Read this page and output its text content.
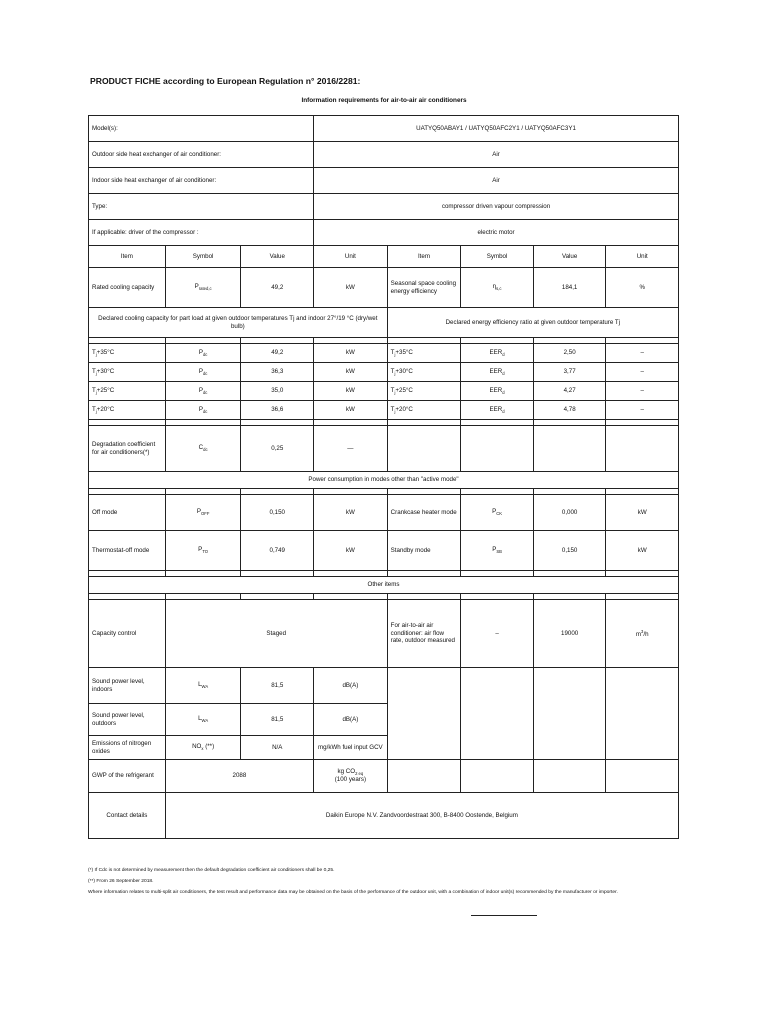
PRODUCT FICHE according to European Regulation n° 2016/2281:
Information requirements for air-to-air air conditioners
Model(s):			UATYQ50ABAY1 / UATYQ50AFC2Y1 / UATYQ50AFC3Y1				
Outdoor side heat exchanger of air conditioner:			Air				
Indoor side heat exchanger of air conditioner:			Air				
Type:			compressor driven vapour compression				
If applicable: driver of the compressor :			electric motor				
Item	Symbol	Value	Unit	Item	Symbol	Value	Unit
Rated cooling capacity	$P_{rated,c}$	49,2	kW	Seasonal space cooling energy efficiency	$\eta_{s,c}$	184,1	%
Declared cooling capacity for part load at given outdoor temperatures Tj and indoor 27°/19 °C (dry/wet bulb)				Declared energy efficiency ratio at given outdoor temperature Tj			

$T_j+35^\circ C$	$P_{dc}$	49,2	kW	$T_j+35^\circ C$	$EER_d$	2,50	–
$T_j+30^\circ C$	$P_{dc}$	36,3	kW	$T_j+30^\circ C$	$EER_d$	3,77	–
$T_j+25^\circ C$	$P_{dc}$	35,0	kW	$T_j+25^\circ C$	$EER_d$	4,27	–
$T_j+20^\circ C$	$P_{dc}$	36,6	kW	$T_j+20^\circ C$	$EER_d$	4,78	–

Degradation coefficient for air conditioners(*)	$C_{dc}$	0,25	—				
Power consumption in modes other than "active mode"							

Off mode	$P_{OFF}$	0,150	kW	Crankcase heater mode	$P_{CK}$	0,000	kW
Thermostat-off mode	$P_{TO}$	0,749	kW	Standby mode	$P_{SB}$	0,150	kW

Other items							

Capacity control	Staged			For air-to-air air conditioner: air flow rate, outdoor measured	–	19000	$m^3/h$
Sound power level, indoors	$L_{WA}$	81,5	dB(A)				
Sound power level, outdoors	$L_{WA}$	81,5	dB(A)				
Emissions of nitrogen oxides	$NO_x$ (**)	N/A	mg/kWh fuel input GCV				
GWP of the refrigerant	2088		kg $CO_{2 eq}$
(100 years)				
Contact details	Daikin Europe N.V. Zandvoordestraat 300, B-8400 Oostende, Belgium						
(*) If Cdc is not determined by measurement then the default degradation coefficient air conditioners shall be 0,25.
(**) From 26 September 2018.
Where information relates to multi-split air conditioners, the test result and performance data may be obtained on the basis of the performance of the outdoor unit, with a combination of indoor unit(s) recommended by the manufacturer or importer.
